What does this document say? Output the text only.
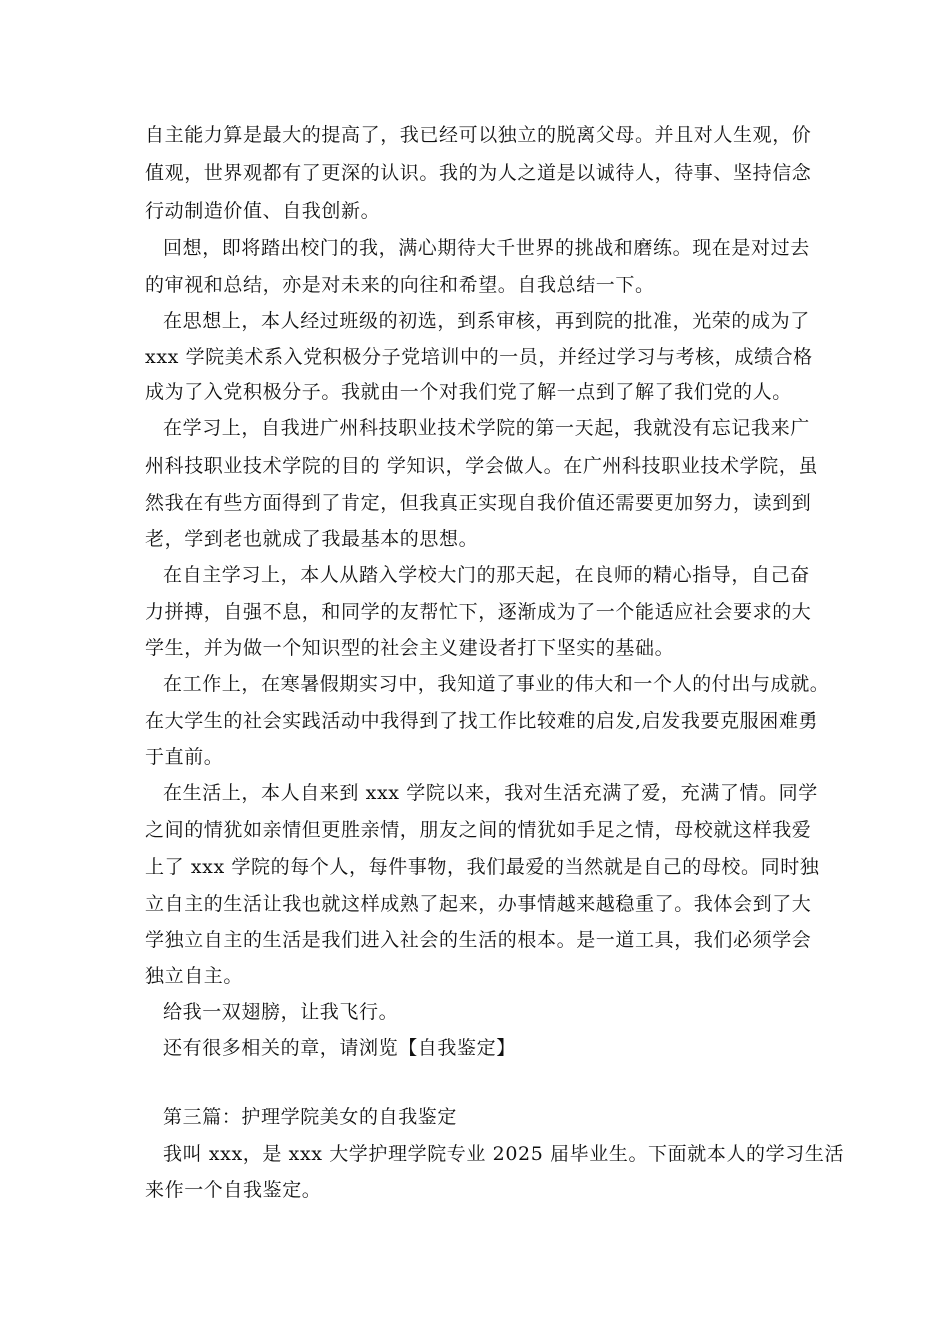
自主能力算是最大的提高了，我已经可以独立的脱离父母。并且对人生观，价
值观，世界观都有了更深的认识。我的为人之道是以诚待人，待事、坚持信念
行动制造价值、自我创新。
回想，即将踏出校门的我，满心期待大千世界的挑战和磨练。现在是对过去
的审视和总结，亦是对未来的向往和希望。自我总结一下。
在思想上，本人经过班级的初选，到系审核，再到院的批准，光荣的成为了
xxx 学院美术系入党积极分子党培训中的一员，并经过学习与考核，成绩合格
成为了入党积极分子。我就由一个对我们党了解一点到了解了我们党的人。
在学习上，自我进广州科技职业技术学院的第一天起，我就没有忘记我来广
州科技职业技术学院的目的 学知识，学会做人。在广州科技职业技术学院，虽
然我在有些方面得到了肯定，但我真正实现自我价值还需要更加努力，读到到
老，学到老也就成了我最基本的思想。
在自主学习上，本人从踏入学校大门的那天起，在良师的精心指导，自己奋
力拼搏，自强不息，和同学的友帮忙下，逐渐成为了一个能适应社会要求的大
学生，并为做一个知识型的社会主义建设者打下坚实的基础。
在工作上，在寒暑假期实习中，我知道了事业的伟大和一个人的付出与成就。
在大学生的社会实践活动中我得到了找工作比较难的启发,启发我要克服困难勇
于直前。
在生活上，本人自来到 xxx 学院以来，我对生活充满了爱，充满了情。同学
之间的情犹如亲情但更胜亲情，朋友之间的情犹如手足之情，母校就这样我爱
上了 xxx 学院的每个人，每件事物，我们最爱的当然就是自己的母校。同时独
立自主的生活让我也就这样成熟了起来，办事情越来越稳重了。我体会到了大
学独立自主的生活是我们进入社会的生活的根本。是一道工具，我们必须学会
独立自主。
给我一双翅膀，让我飞行。
还有很多相关的章，请浏览【自我鉴定】
第三篇：护理学院美女的自我鉴定
我叫 xxx，是 xxx 大学护理学院专业 2025 届毕业生。下面就本人的学习生活
来作一个自我鉴定。
